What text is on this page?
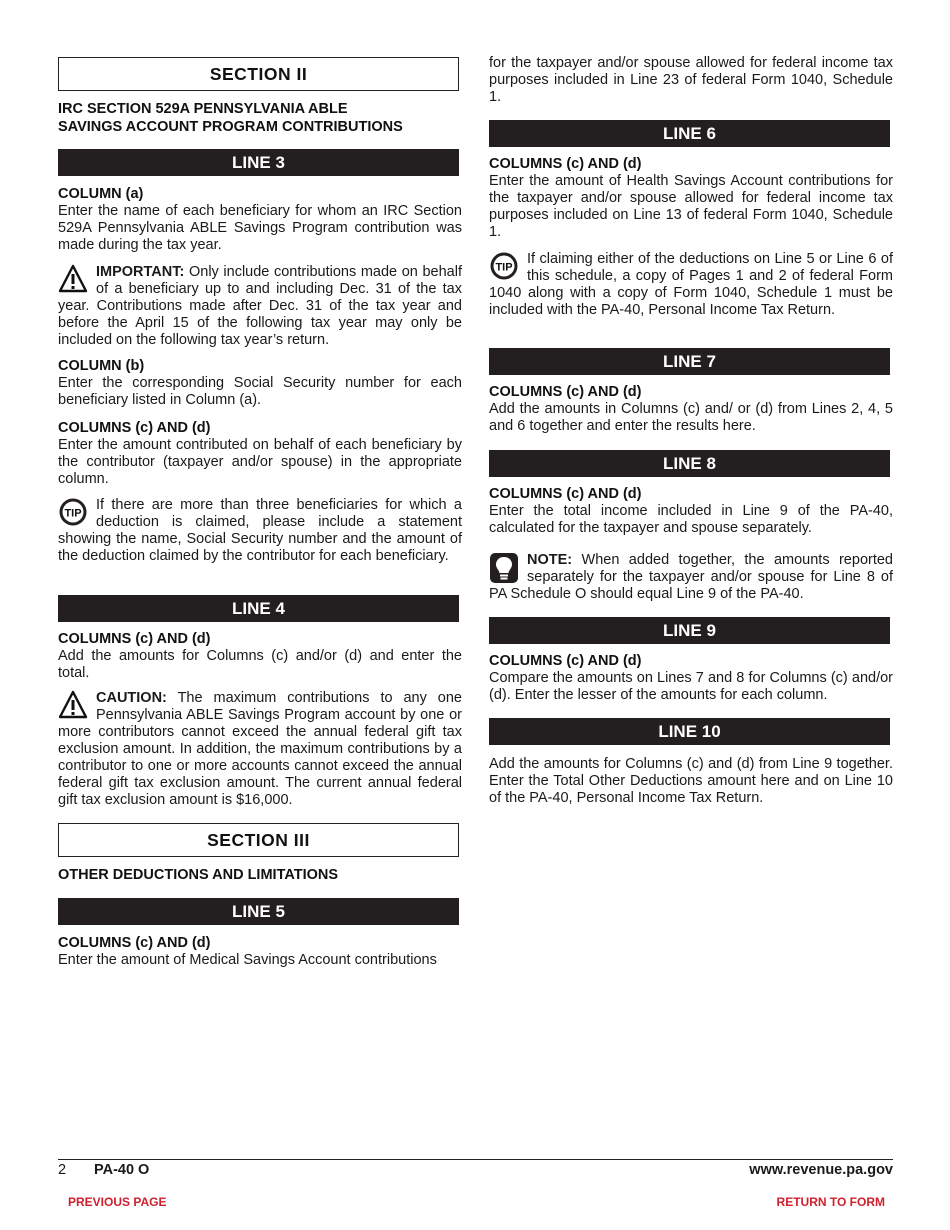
SECTION II
IRC SECTION 529A PENNSYLVANIA ABLE
SAVINGS ACCOUNT PROGRAM CONTRIBUTIONS
LINE 3
COLUMN (a)
Enter the name of each beneficiary for whom an IRC Section 529A Pennsylvania ABLE Savings Program contribution was made during the tax year.
IMPORTANT: Only include contributions made on behalf of a beneficiary up to and including Dec. 31 of the tax year. Contributions made after Dec. 31 of the tax year and before the April 15 of the following tax year may only be included on the following tax year’s return.
COLUMN (b)
Enter the corresponding Social Security number for each beneficiary listed in Column (a).
COLUMNS (c) AND (d)
Enter the amount contributed on behalf of each beneficiary by the contributor (taxpayer and/or spouse) in the appropriate column.
TIP
If there are more than three beneficiaries for which a deduction is claimed, please include a statement showing the name, Social Security number and the amount of the deduction claimed by the contributor for each beneficiary.
LINE 4
COLUMNS (c) AND (d)
Add the amounts for Columns (c) and/or (d) and enter the total.
CAUTION: The maximum contributions to any one Pennsylvania ABLE Savings Program account by one or more contributors cannot exceed the annual federal gift tax exclusion amount. In addition, the maximum contributions by a contributor to one or more accounts cannot exceed the annual federal gift tax exclusion amount. The current annual federal gift tax exclusion amount is $16,000.
SECTION III
OTHER DEDUCTIONS AND LIMITATIONS
LINE 5
COLUMNS (c) AND (d)
Enter the amount of Medical Savings Account contributions
for the taxpayer and/or spouse allowed for federal income tax purposes included in Line 23 of federal Form 1040, Schedule 1.
LINE 6
COLUMNS (c) AND (d)
Enter the amount of Health Savings Account contributions for the taxpayer and/or spouse allowed for federal income tax purposes included on Line 13 of federal Form 1040, Schedule 1.
TIP
If claiming either of the deductions on Line 5 or Line 6 of this schedule, a copy of Pages 1 and 2 of federal Form 1040 along with a copy of Form 1040, Schedule 1 must be included with the PA-40, Personal Income Tax Return.
LINE 7
COLUMNS (c) AND (d)
Add the amounts in Columns (c) and/ or (d) from Lines 2, 4, 5 and 6 together and enter the results here.
LINE 8
COLUMNS (c) AND (d)
Enter the total income included in Line 9 of the PA-40, calculated for the taxpayer and spouse separately.
NOTE: When added together, the amounts reported separately for the taxpayer and/or spouse for Line 8 of PA Schedule O should equal Line 9 of the PA-40.
LINE 9
COLUMNS (c) AND (d)
Compare the amounts on Lines 7 and 8 for Columns (c) and/or (d). Enter the lesser of the amounts for each column.
LINE 10
Add the amounts for Columns (c) and (d) from Line 9 together. Enter the Total Other Deductions amount here and on Line 10 of the PA-40, Personal Income Tax Return.
2 PA-40 O	www.revenue.pa.gov
PREVIOUS PAGE	RETURN TO FORM
